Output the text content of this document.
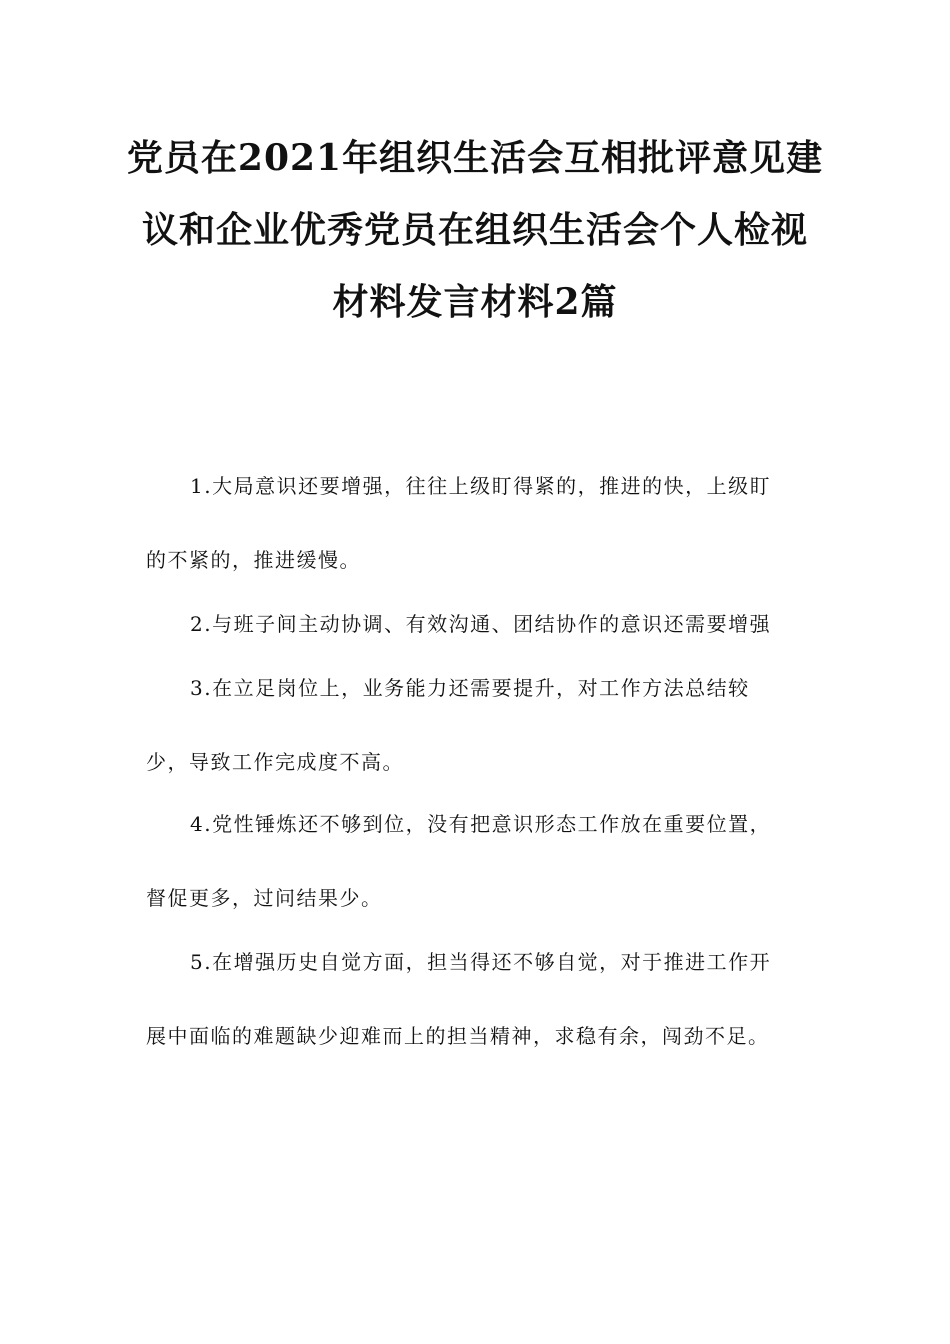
党员在2021年组织生活会互相批评意见建
议和企业优秀党员在组织生活会个人检视
材料发言材料2篇
1.大局意识还要增强，往往上级盯得紧的，推进的快，上级盯
的不紧的，推进缓慢。
2.与班子间主动协调、有效沟通、团结协作的意识还需要增强
3.在立足岗位上，业务能力还需要提升，对工作方法总结较
少，导致工作完成度不高。
4.党性锤炼还不够到位，没有把意识形态工作放在重要位置，
督促更多，过问结果少。
5.在增强历史自觉方面，担当得还不够自觉，对于推进工作开
展中面临的难题缺少迎难而上的担当精神，求稳有余，闯劲不足。
